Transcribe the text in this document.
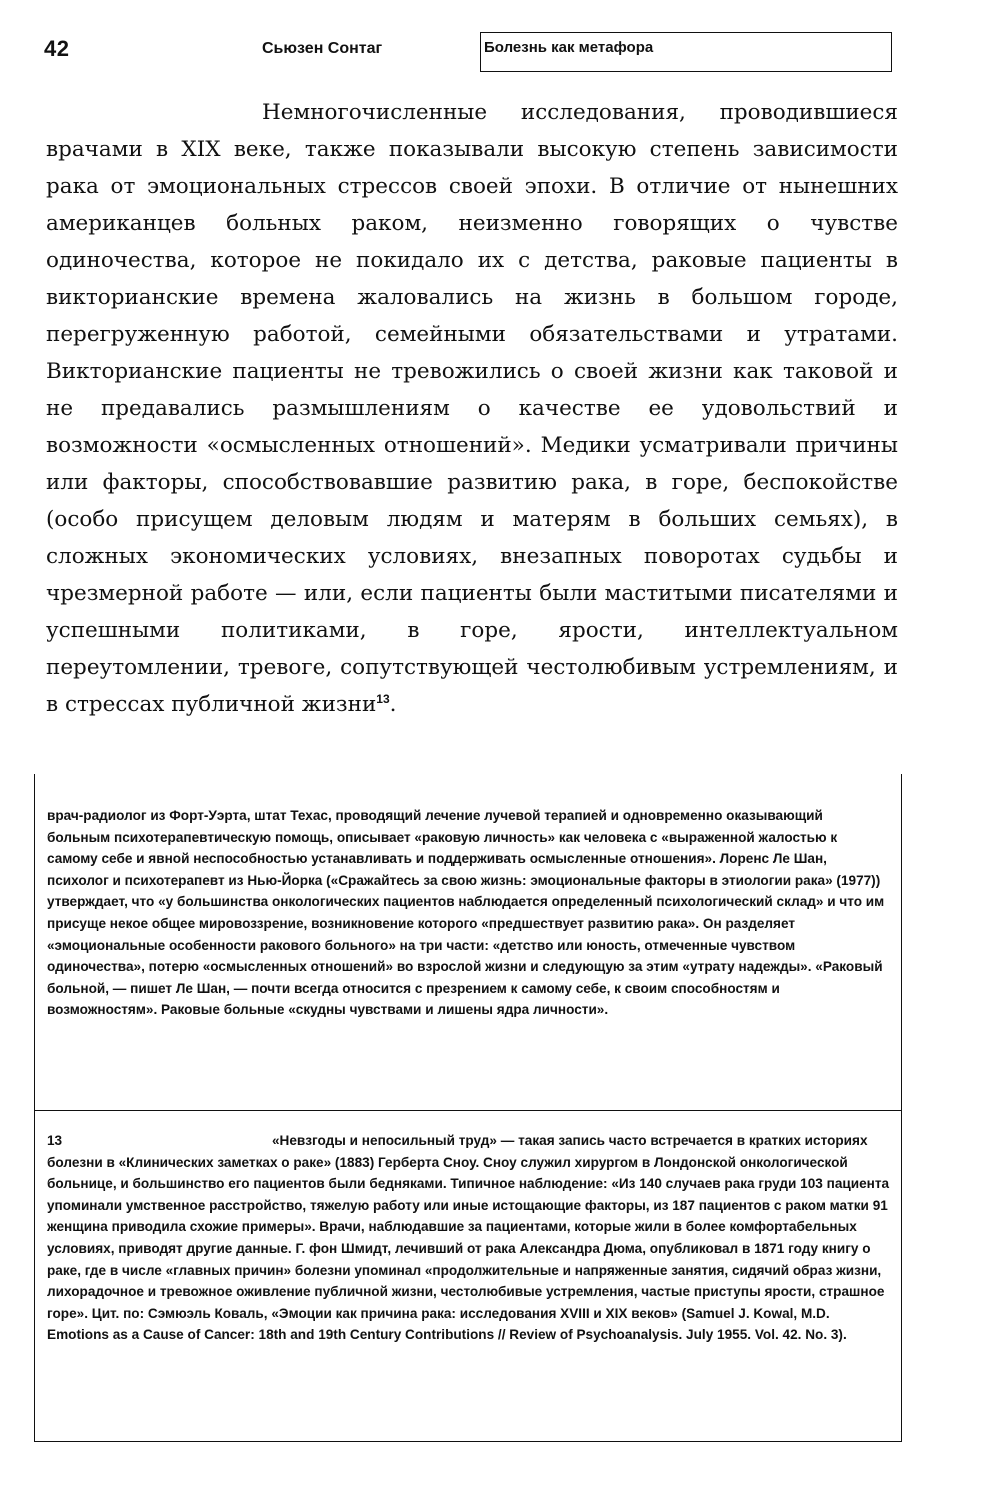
42	Сьюзен Сонтаг	Болезнь как метафора

Немногочисленные исследования, проводившиеся врачами в XIX веке, также показывали высокую степень зависимости рака от эмоциональных стрессов своей эпохи. В отличие от нынешних американцев больных раком, неизменно говорящих о чувстве одиночества, которое не покидало их с детства, раковые пациенты в викторианские времена жаловались на жизнь в большом городе, перегруженную работой, семейными обязательствами и утратами. Викторианские пациенты не тревожились о своей жизни как таковой и не предавались размышлениям о качестве ее удовольствий и возможности «осмысленных отношений». Медики усматривали причины или факторы, способствовавшие развитию рака, в горе, беспокойстве (особо присущем деловым людям и матерям в больших семьях), в сложных экономических условиях, внезапных поворотах судьбы и чрезмерной работе — или, если пациенты были маститыми писателями и успешными политиками, в горе, ярости, интеллектуальном переутомлении, тревоге, сопутствующей честолюбивым устремлениям, и в стрессах публичной жизни$^{13}$.

врач-радиолог из Форт-Уэрта, штат Техас, проводящий лечение лучевой терапией и одновременно оказывающий больным психотерапевтическую помощь, описывает «раковую личность» как человека с «выраженной жалостью к самому себе и явной неспособностью устанавливать и поддерживать осмысленные отношения». Лоренс Ле Шан, психолог и психотерапевт из Нью-Йорка («Сражайтесь за свою жизнь: эмоциональные факторы в этиологии рака» (1977)) утверждает, что «у большинства онкологических пациентов наблюдается определенный психологический склад» и что им присуще некое общее мировоззрение, возникновение которого «предшествует развитию рака». Он разделяет «эмоциональные особенности ракового больного» на три части: «детство или юность, отмеченные чувством одиночества», потерю «осмысленных отношений» во взрослой жизни и следующую за этим «утрату надежды». «Раковый больной, — пишет Ле Шан, — почти всегда относится с презрением к самому себе, к своим способностям и возможностям». Раковые больные «скудны чувствами и лишены ядра личности».

13	«Невзгоды и непосильный труд» — такая запись часто встречается в кратких историях болезни в «Клинических заметках о раке» (1883) Герберта Сноу. Сноу служил хирургом в Лондонской онкологической больнице, и большинство его пациентов были бедняками. Типичное наблюдение: «Из 140 случаев рака груди 103 пациента упоминали умственное расстройство, тяжелую работу или иные истощающие факторы, из 187 пациентов с раком матки 91 женщина приводила схожие примеры». Врачи, наблюдавшие за пациентами, которые жили в более комфортабельных условиях, приводят другие данные. Г. фон Шмидт, лечивший от рака Александра Дюма, опубликовал в 1871 году книгу о раке, где в числе «главных причин» болезни упоминал «продолжительные и напряженные занятия, сидячий образ жизни, лихорадочное и тревожное оживление публичной жизни, честолюбивые устремления, частые приступы ярости, страшное горе». Цит. по: Сэмюэль Коваль, «Эмоции как причина рака: исследования XVIII и XIX веков» (Samuel J. Kowal, M.D. Emotions as a Cause of Cancer: 18th and 19th Century Contributions // Review of Psychoanalysis. July 1955. Vol. 42. No. 3).
